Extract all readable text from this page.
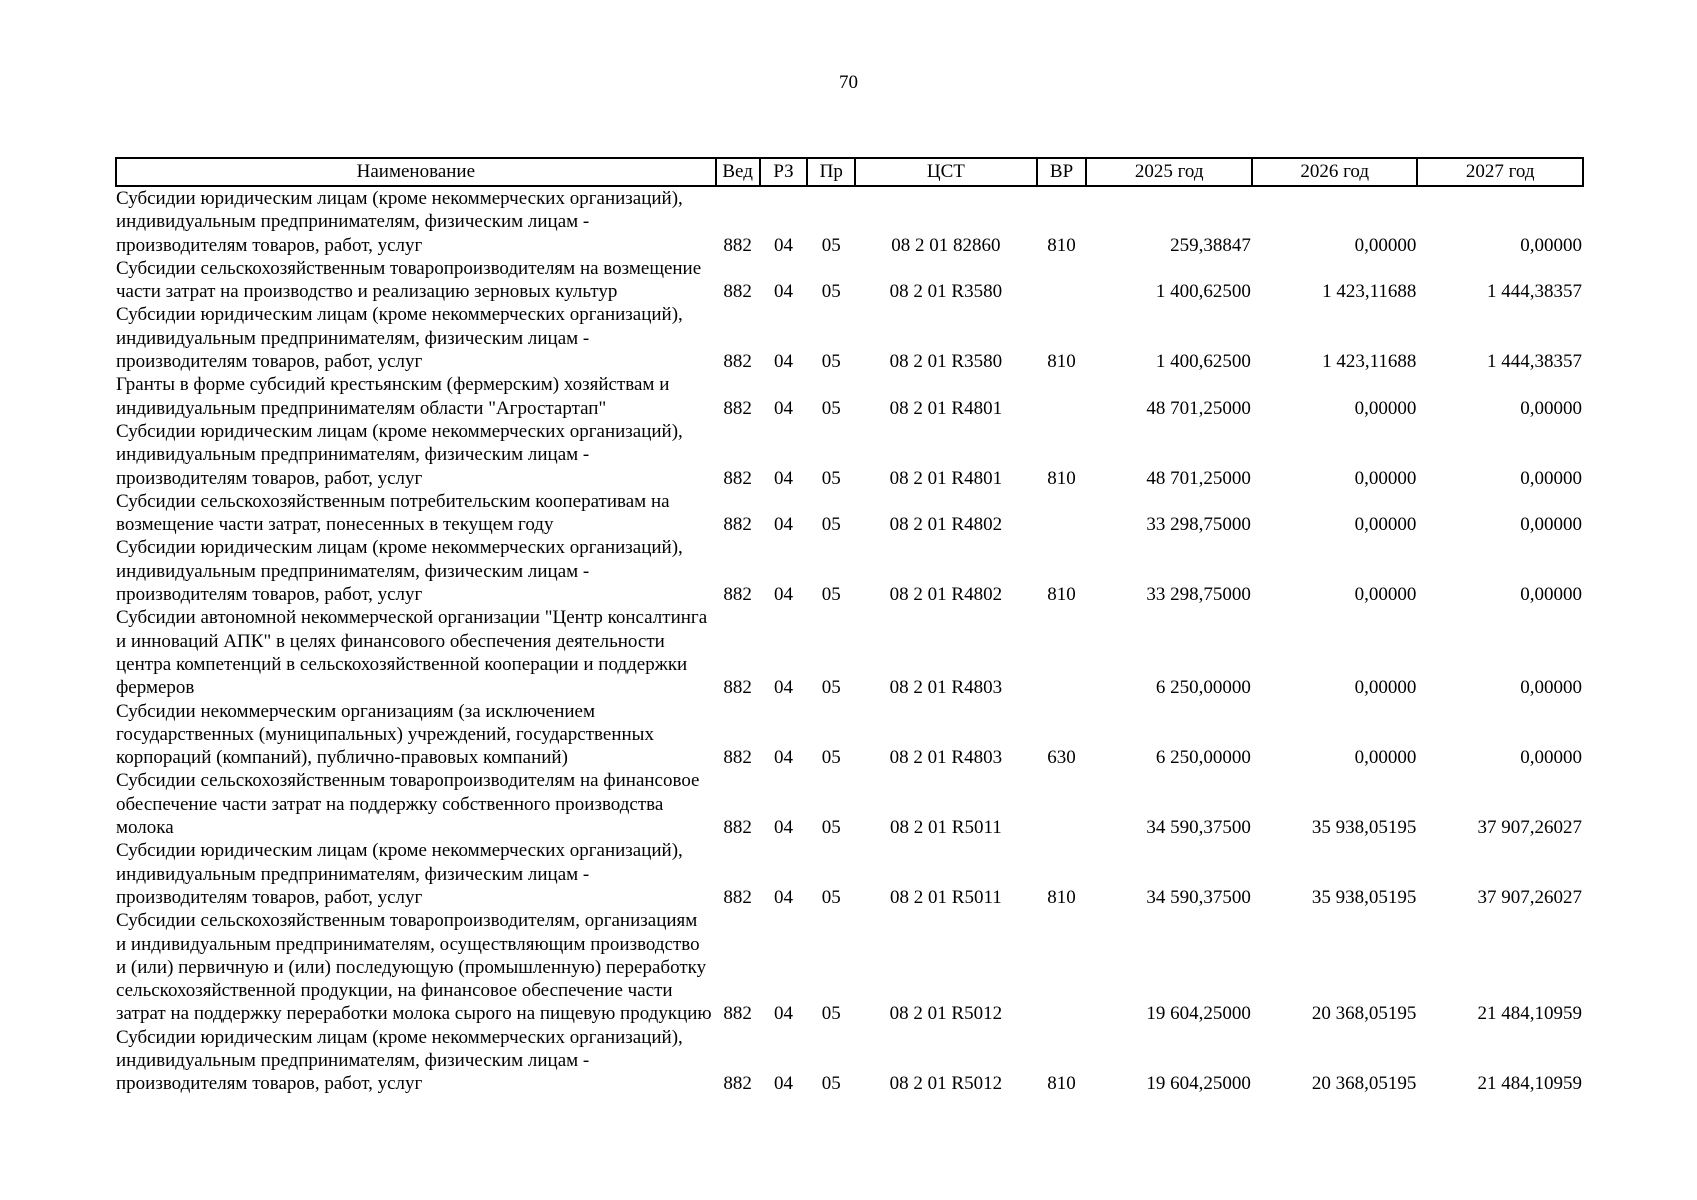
70
Наименование	Вед	РЗ	Пр	ЦСТ	ВР	2025 год	2026 год	2027 год
Субсидии юридическим лицам (кроме некоммерческих организаций), индивидуальным предпринимателям, физическим лицам - производителям товаров, работ, услуг	882	04	05	08 2 01 82860	810	259,38847	0,00000	0,00000
Субсидии сельскохозяйственным товаропроизводителям на возмещение части затрат на производство и реализацию зерновых культур	882	04	05	08 2 01 R3580		1 400,62500	1 423,11688	1 444,38357
Субсидии юридическим лицам (кроме некоммерческих организаций), индивидуальным предпринимателям, физическим лицам - производителям товаров, работ, услуг	882	04	05	08 2 01 R3580	810	1 400,62500	1 423,11688	1 444,38357
Гранты в форме субсидий крестьянским (фермерским) хозяйствам и индивидуальным предпринимателям области "Агростартап"	882	04	05	08 2 01 R4801		48 701,25000	0,00000	0,00000
Субсидии юридическим лицам (кроме некоммерческих организаций), индивидуальным предпринимателям, физическим лицам - производителям товаров, работ, услуг	882	04	05	08 2 01 R4801	810	48 701,25000	0,00000	0,00000
Субсидии сельскохозяйственным потребительским кооперативам на возмещение части затрат, понесенных в текущем году	882	04	05	08 2 01 R4802		33 298,75000	0,00000	0,00000
Субсидии юридическим лицам (кроме некоммерческих организаций), индивидуальным предпринимателям, физическим лицам - производителям товаров, работ, услуг	882	04	05	08 2 01 R4802	810	33 298,75000	0,00000	0,00000
Субсидии автономной некоммерческой организации "Центр консалтинга и инноваций АПК" в целях финансового обеспечения деятельности центра компетенций в сельскохозяйственной кооперации и поддержки фермеров	882	04	05	08 2 01 R4803		6 250,00000	0,00000	0,00000
Субсидии некоммерческим организациям (за исключением государственных (муниципальных) учреждений, государственных корпораций (компаний), публично-правовых компаний)	882	04	05	08 2 01 R4803	630	6 250,00000	0,00000	0,00000
Субсидии сельскохозяйственным товаропроизводителям на финансовое обеспечение части затрат на поддержку собственного производства молока	882	04	05	08 2 01 R5011		34 590,37500	35 938,05195	37 907,26027
Субсидии юридическим лицам (кроме некоммерческих организаций), индивидуальным предпринимателям, физическим лицам - производителям товаров, работ, услуг	882	04	05	08 2 01 R5011	810	34 590,37500	35 938,05195	37 907,26027
Субсидии сельскохозяйственным товаропроизводителям, организациям и индивидуальным предпринимателям, осуществляющим производство и (или) первичную и (или) последующую (промышленную) переработку сельскохозяйственной продукции, на финансовое обеспечение части затрат на поддержку переработки молока сырого на пищевую продукцию	882	04	05	08 2 01 R5012		19 604,25000	20 368,05195	21 484,10959
Субсидии юридическим лицам (кроме некоммерческих организаций), индивидуальным предпринимателям, физическим лицам - производителям товаров, работ, услуг	882	04	05	08 2 01 R5012	810	19 604,25000	20 368,05195	21 484,10959
